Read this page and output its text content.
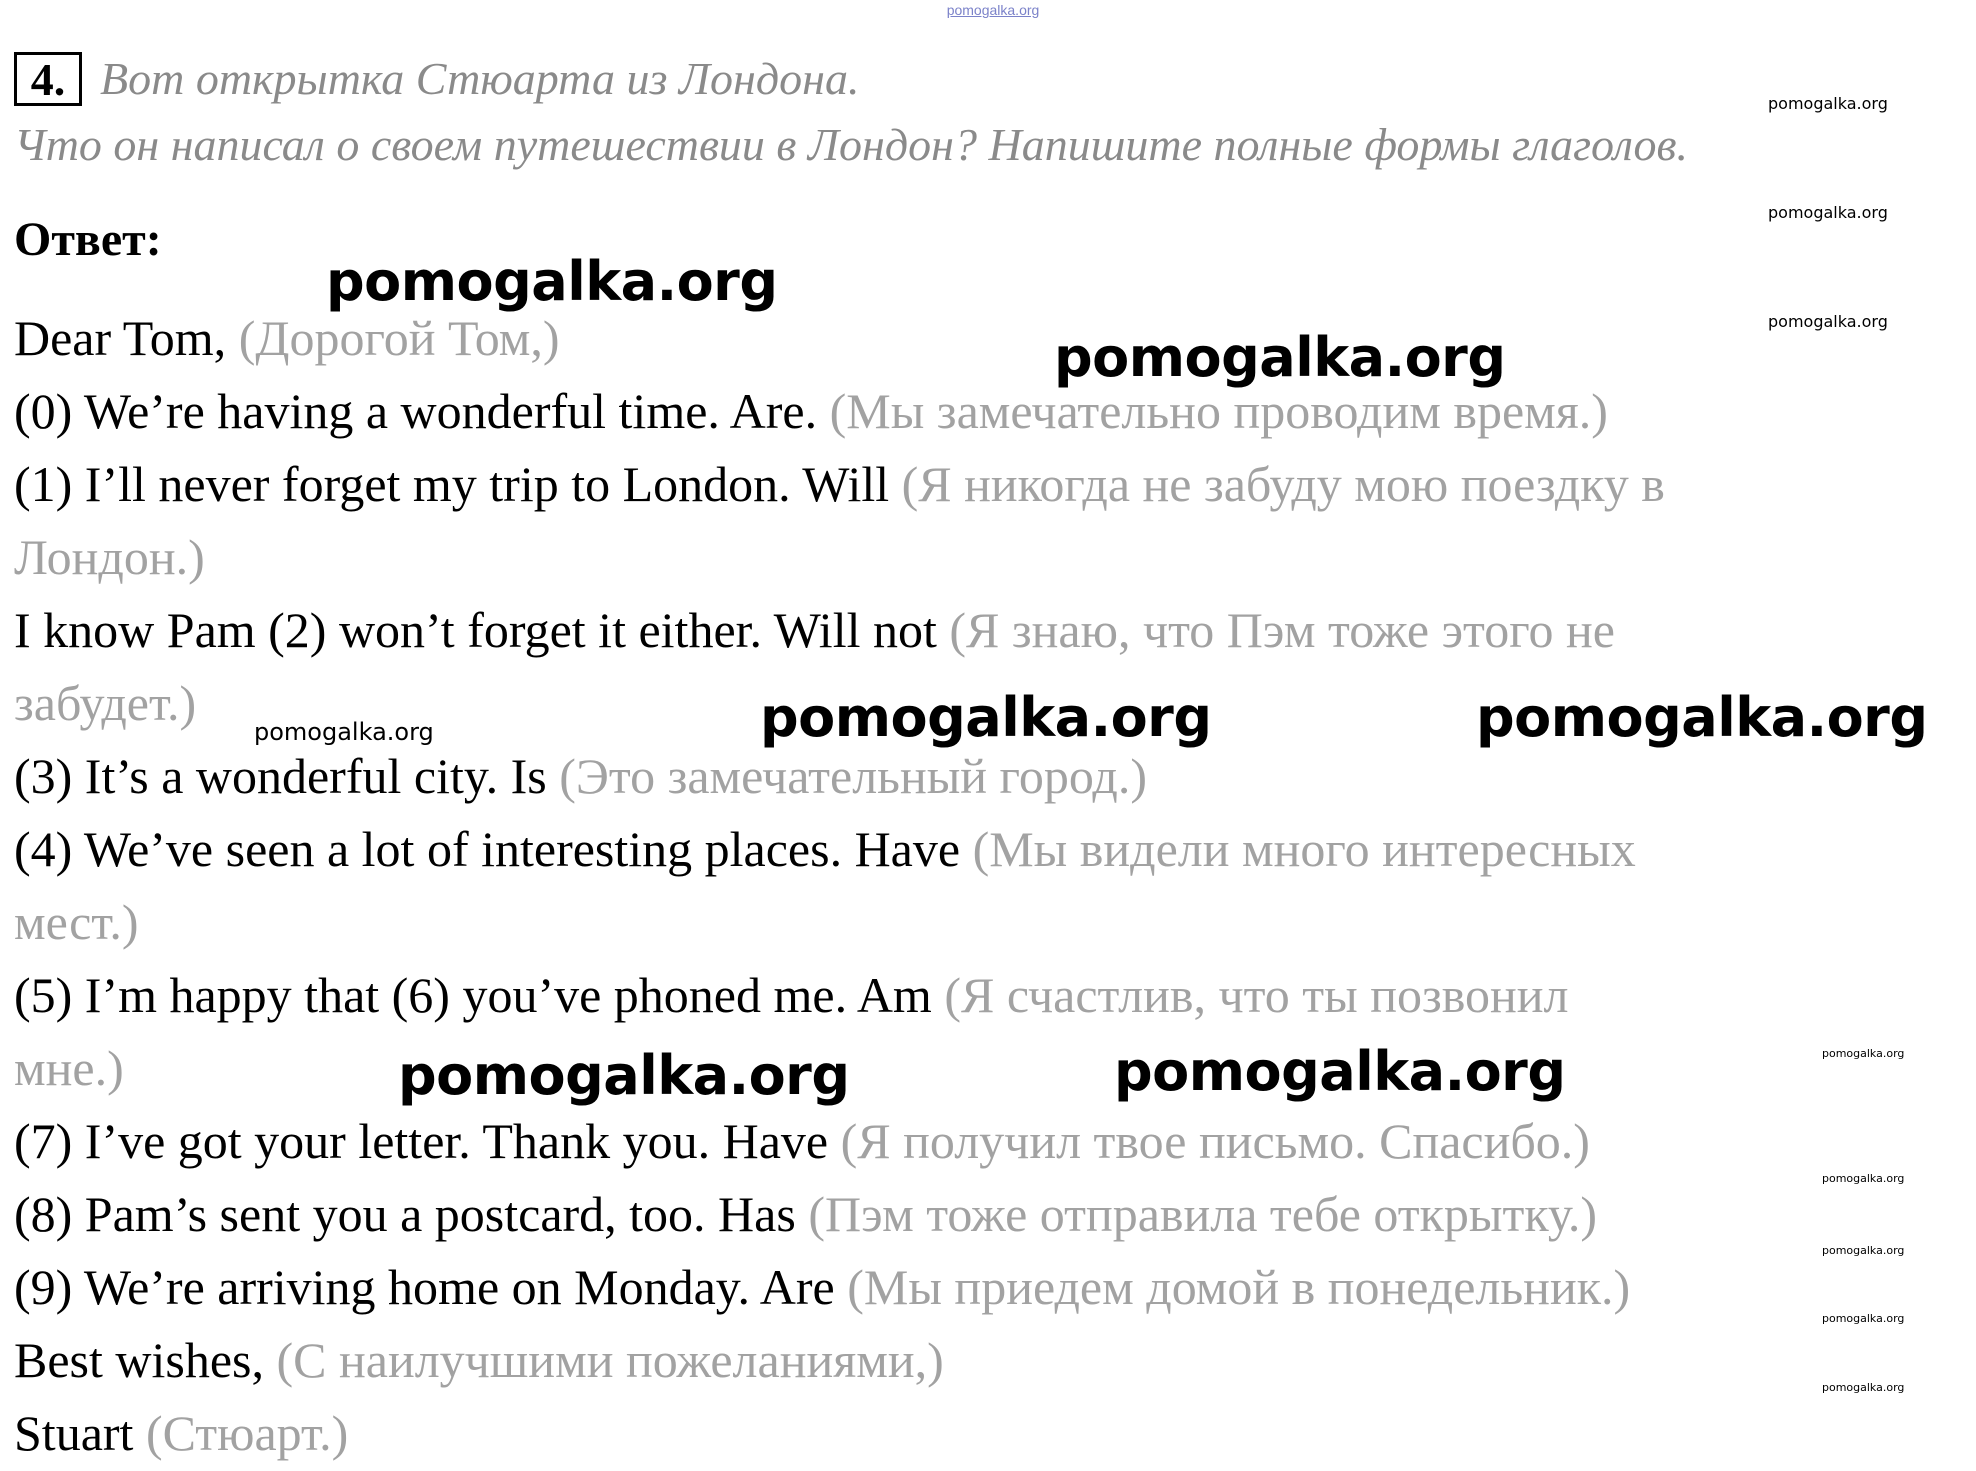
pomogalka.org
4. Вот открытка Стюарта из Лондона.
Что он написал о своем путешествии в Лондон? Напишите полные формы глаголов.
Ответ:
Dear Tom, (Дорогой Том,)
(0) We’re having a wonderful time. Are. (Мы замечательно проводим время.)
(1) I’ll never forget my trip to London. Will (Я никогда не забуду мою поездку в
Лондон.)
I know Pam (2) won’t forget it either. Will not (Я знаю, что Пэм тоже этого не
забудет.)
(3) It’s a wonderful city. Is (Это замечательный город.)
(4) We’ve seen a lot of interesting places. Have (Мы видели много интересных
мест.)
(5) I’m happy that (6) you’ve phoned me. Am (Я счастлив, что ты позвонил
мне.)
(7) I’ve got your letter. Thank you. Have (Я получил твое письмо. Спасибо.)
(8) Pam’s sent you a postcard, too. Has (Пэм тоже отправила тебе открытку.)
(9) We’re arriving home on Monday. Are (Мы приедем домой в понедельник.)
Best wishes, (С наилучшими пожеланиями,)
Stuart (Стюарт.)
pomogalka.org
pomogalka.org
pomogalka.org	pomogalka.org
pomogalka.org	pomogalka.org
pomogalka.org
pomogalka.org
pomogalka.org
pomogalka.org
pomogalka.org
pomogalka.org
pomogalka.org
pomogalka.org
pomogalka.org
